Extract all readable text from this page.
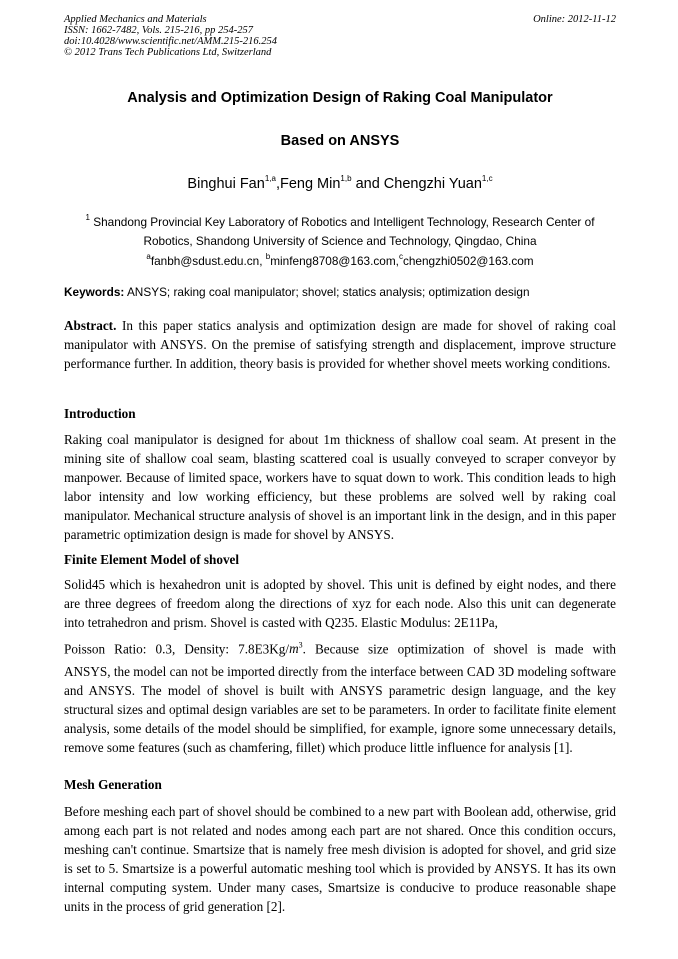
Applied Mechanics and Materials
ISSN: 1662-7482, Vols. 215-216, pp 254-257
doi:10.4028/www.scientific.net/AMM.215-216.254
© 2012 Trans Tech Publications Ltd, Switzerland
Online: 2012-11-12
Analysis and Optimization Design of Raking Coal Manipulator
Based on ANSYS
Binghui Fan$^{1,a}$,Feng Min$^{1,b}$ and Chengzhi Yuan$^{1,c}$
$^1$ Shandong Provincial Key Laboratory of Robotics and Intelligent Technology, Research Center of Robotics, Shandong University of Science and Technology, Qingdao, China
$^a$fanbh@sdust.edu.cn, $^b$minfeng8708@163.com,$^c$chengzhi0502@163.com
Keywords: ANSYS; raking coal manipulator; shovel; statics analysis; optimization design
Abstract. In this paper statics analysis and optimization design are made for shovel of raking coal manipulator with ANSYS. On the premise of satisfying strength and displacement, improve structure performance further. In addition, theory basis is provided for whether shovel meets working conditions.
Introduction
Raking coal manipulator is designed for about 1m thickness of shallow coal seam. At present in the mining site of shallow coal seam, blasting scattered coal is usually conveyed to scraper conveyor by manpower. Because of limited space, workers have to squat down to work. This condition leads to high labor intensity and low working efficiency, but these problems are solved well by raking coal manipulator. Mechanical structure analysis of shovel is an important link in the design, and in this paper parametric optimization design is made for shovel by ANSYS.
Finite Element Model of shovel
Solid45 which is hexahedron unit is adopted by shovel. This unit is defined by eight nodes, and there are three degrees of freedom along the directions of xyz for each node. Also this unit can degenerate into tetrahedron and prism. Shovel is casted with Q235. Elastic Modulus: 2E11Pa,
Poisson Ratio: 0.3, Density: $7.8E3Kg/m^3$. Because size optimization of shovel is made with
ANSYS, the model can not be imported directly from the interface between CAD 3D modeling software and ANSYS. The model of shovel is built with ANSYS parametric design language, and the key structural sizes and optimal design variables are set to be parameters. In order to facilitate finite element analysis, some details of the model should be simplified, for example, ignore some unnecessary details, remove some features (such as chamfering, fillet) which produce little influence for analysis [1].
Mesh Generation
Before meshing each part of shovel should be combined to a new part with Boolean add, otherwise, grid among each part is not related and nodes among each part are not shared. Once this condition occurs, meshing can't continue. Smartsize that is namely free mesh division is adopted for shovel, and grid size is set to 5. Smartsize is a powerful automatic meshing tool which is provided by ANSYS. It has its own internal computing system. Under many cases, Smartsize is conducive to produce reasonable shape units in the process of grid generation [2].
